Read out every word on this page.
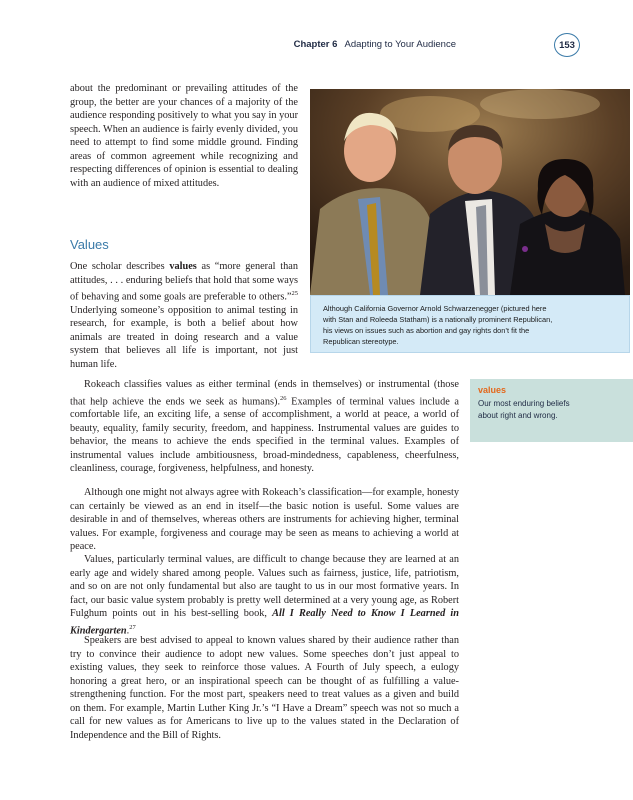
Chapter 6 Adapting to Your Audience	153

about the predominant or prevailing attitudes of the group, the better are your chances of a majority of the audience responding positively to what you say in your speech. When an audience is fairly evenly divided, you need to attempt to find some middle ground. Finding areas of common agreement while recognizing and respecting differences of opinion is essential to dealing with an audience of mixed attitudes.

Values

One scholar describes values as “more general than attitudes, . . . enduring beliefs that hold that some ways of behaving and some goals are preferable to others.”$^{25}$ Underlying someone’s opposition to animal testing in research, for example, is both a belief about how animals are treated in doing research and a value system that believes all life is important, not just human life.

Although California Governor Arnold Schwarzenegger (pictured here with Stan and Roleeda Statham) is a nationally prominent Republican, his views on issues such as abortion and gay rights don’t fit the Republican stereotype.
values
Our most enduring beliefs about right and wrong.

Rokeach classifies values as either terminal (ends in themselves) or instrumental (those that help achieve the ends we seek as humans).$^{26}$ Examples of terminal values include a comfortable life, an exciting life, a sense of accomplishment, a world at peace, a world of beauty, equality, family security, freedom, and happiness. Instrumental values are guides to behavior, the means to achieve the ends specified in the terminal values. Examples of instrumental values include ambitiousness, broad-mindedness, capableness, cheerfulness, cleanliness, courage, forgiveness, helpfulness, and honesty.

Although one might not always agree with Rokeach’s classification—for example, honesty can certainly be viewed as an end in itself—the basic notion is useful. Some values are desirable in and of themselves, whereas others are instruments for achieving higher, terminal values. For example, forgiveness and courage may be seen as means to achieving a world at peace.

Values, particularly terminal values, are difficult to change because they are learned at an early age and widely shared among people. Values such as fairness, justice, life, patriotism, and so on are not only fundamental but also are taught to us in our most formative years. In fact, our basic value system probably is pretty well determined at a very young age, as Robert Fulghum points out in his best-selling book, All I Really Need to Know I Learned in Kindergarten.$^{27}$

Speakers are best advised to appeal to known values shared by their audience rather than try to convince their audience to adopt new values. Some speeches don’t just appeal to existing values, they seek to reinforce those values. A Fourth of July speech, a eulogy honoring a great hero, or an inspirational speech can be thought of as fulfilling a value-strengthening function. For the most part, speakers need to treat values as a given and build on them. For example, Martin Luther King Jr.’s “I Have a Dream” speech was not so much a call for new values as for Americans to live up to the values stated in the Declaration of Independence and the Bill of Rights.
